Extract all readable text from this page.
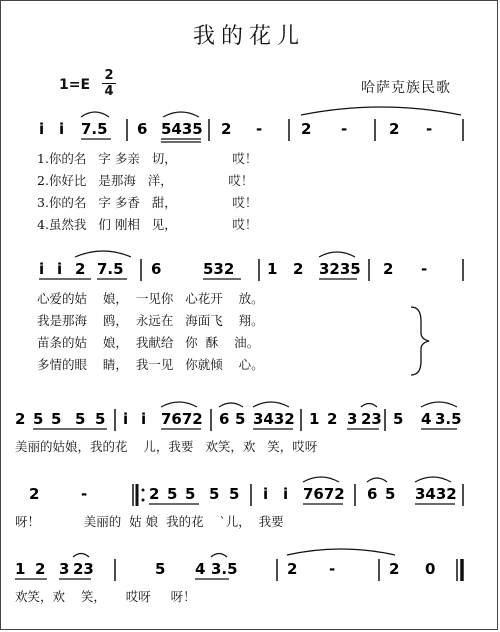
我的花儿
1=E
2
4	哈萨克族民歌
i i 7.5 6 5435 2 -	2 -	2 -
1.你的名   字 多亲   切，              哎！
2.你好比   是那海   洋，              哎！
3.你的名   字 多香   甜，              哎！
4.虽然我   们 刚相   见，              哎！
i i 2 7.5 6	532 1 2 3235 2 -
心爱的姑    娘，  一见你   心花开    放。
我是那海    鸥，  永远在   海面飞    翔。
苗条的姑    娘，  我献给   你  酥    油。
多情的眼    睛，  我一见   你就倾    心。
2 5 5 5 5 i i 7672 6 5 3432 1 2 3 23 5 4 3.5
美丽的姑娘，我的花    儿，我要   欢笑，欢   笑，哎呀
2	-	2 5 5 5 5 i i 7672 6 5 3432
呀！           美丽的  姑 娘  我的花    ˋ儿，  我要
1 2 3 23	5 4 3.5	2 -	2 0
欢笑，欢    笑，     哎呀     呀！
